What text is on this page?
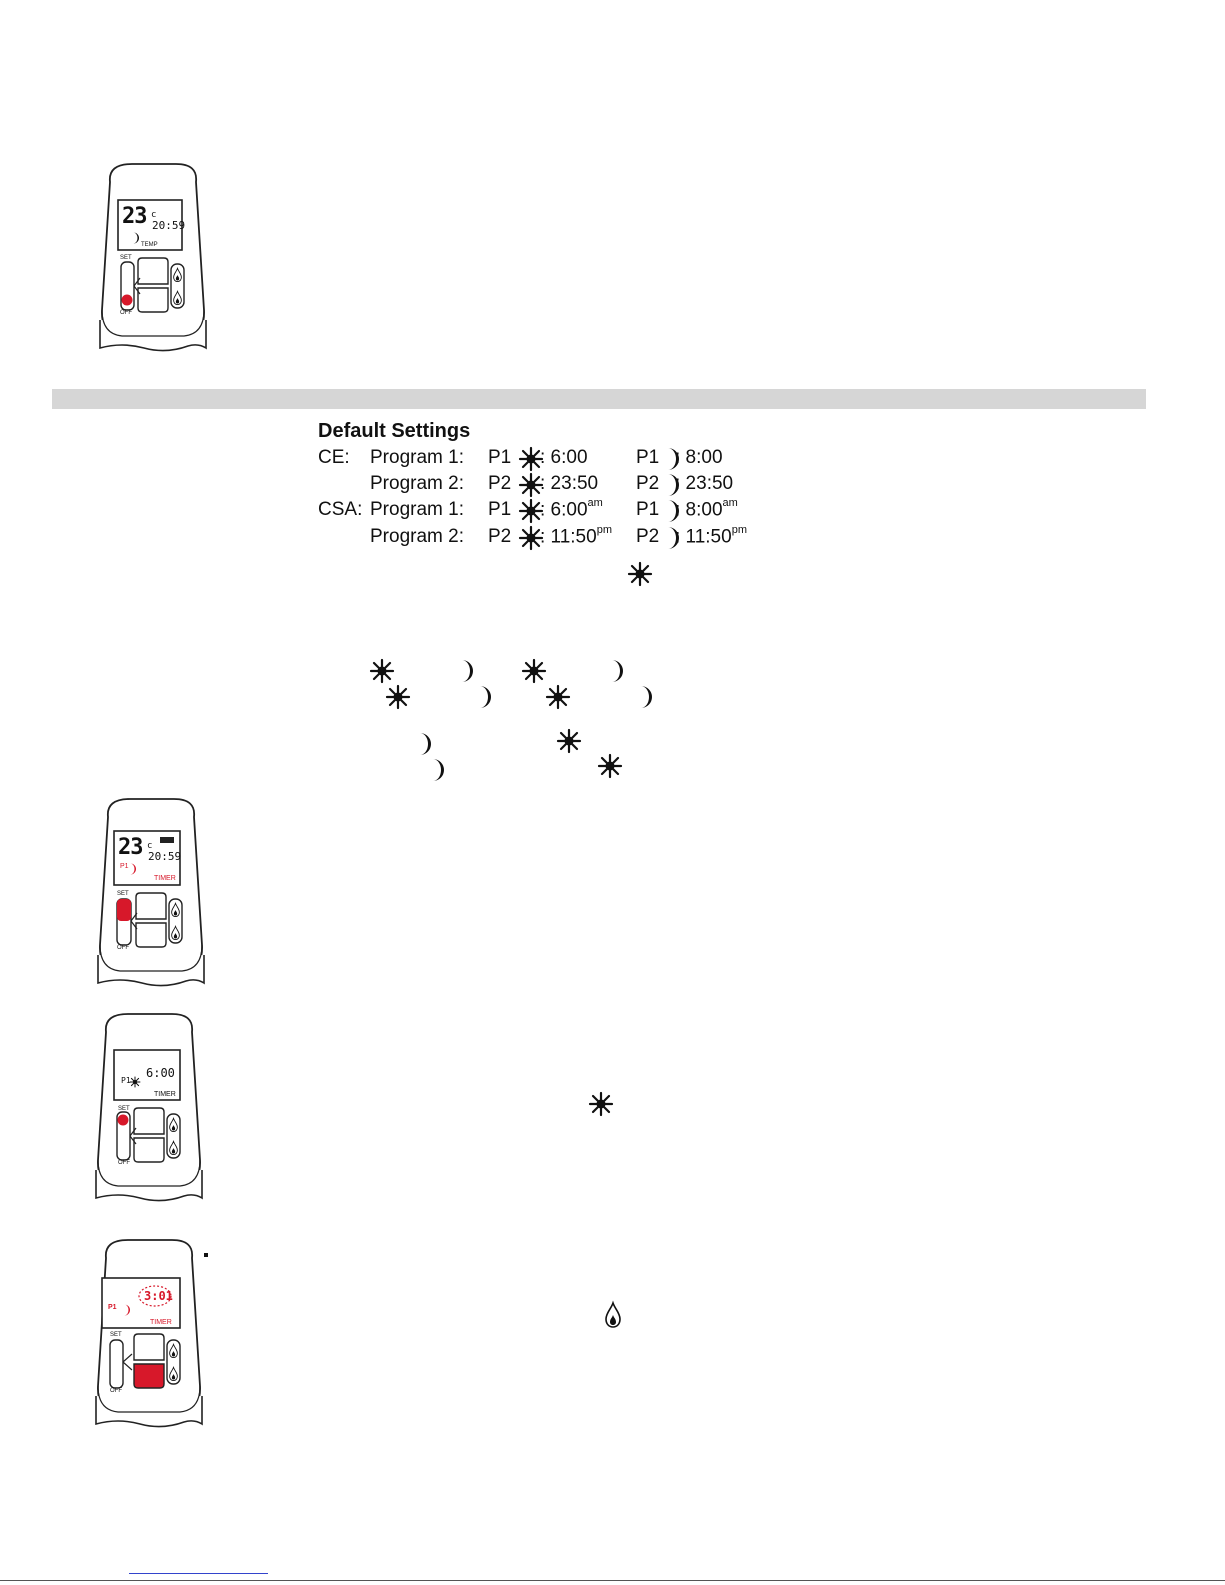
23 c
20:59
TEMP
SET
OFF
Default Settings
CE: Program 1: P1 : 6:00	P1 : 8:00
Program 2: P2 : 23:50 P2 : 23:50
CSA: Program 1: P1 : $6:00^{am}$ P1 : $8:00^{am}$
Program 2: P2 : $11:50^{pm}$ P2 : $11:50^{pm}$
23 c
20:59
P1
TIMER
SET
OFF
P1
6:00
TIMER
SET
OFF
P1
3:01
TIMER
SET
OFF
